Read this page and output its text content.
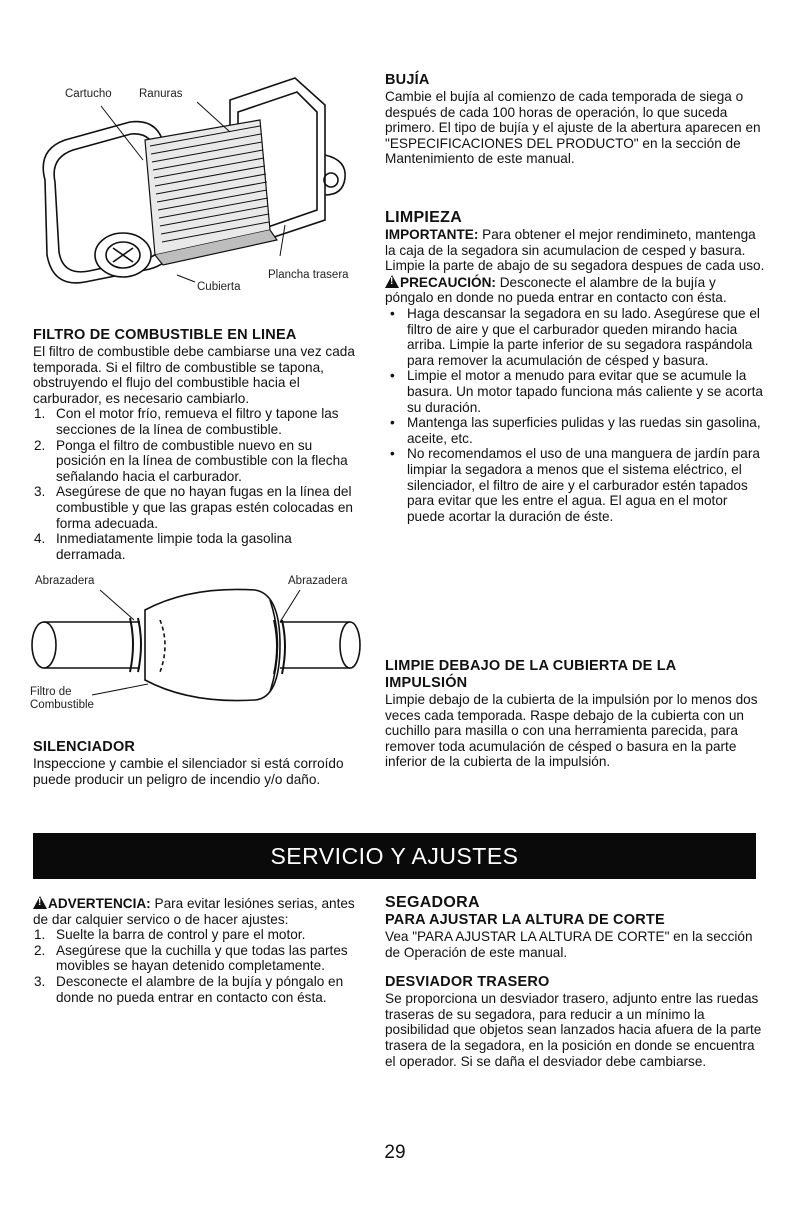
Cartucho Ranuras
Plancha trasera
Cubierta
FILTRO DE COMBUSTIBLE EN LINEA

El filtro de combustible debe cambiarse una vez cada temporada. Si el filtro de combustible se tapona, obstruyendo el flujo del combustible hacia el carburador, es necesario cambiarlo.

1. Con el motor frío, remueva el filtro y tapone las secciones de la línea de combustible.
2. Ponga el filtro de combustible nuevo en su posición en la línea de combustible con la flecha señalando hacia el carburador.
3. Asegúrese de que no hayan fugas en la línea del combustible y que las grapas estén colocadas en forma adecuada.
4. Inmediatamente limpie toda la gasolina derramada.
Abrazadera	Abrazadera
Filtro de
Combustible
SILENCIADOR

Inspeccione y cambie el silenciador si está corroído puede producir un peligro de incendio y/o daño.

BUJÍA

Cambie el bujía al comienzo de cada temporada de siega o después de cada 100 horas de operación, lo que suceda primero. El tipo de bujía y el ajuste de la abertura aparecen en "ESPECIFICACIONES DEL PRODUCTO" en la sección de Mantenimiento de este manual.

LIMPIEZA

IMPORTANTE: Para obtener el mejor rendimineto, mantenga la caja de la segadora sin acumulacion de cesped y basura. Limpie la parte de abajo de su segadora despues de cada uso.

!PRECAUCIÓN: Desconecte el alambre de la bujía y póngalo en donde no pueda entrar en contacto con ésta.

• Haga descansar la segadora en su lado. Asegúrese que el filtro de aire y que el carburador queden mirando hacia arriba. Limpie la parte inferior de su segadora raspándola para remover la acumulación de césped y basura.
• Limpie el motor a menudo para evitar que se acumule la basura. Un motor tapado funciona más caliente y se acorta su duración.
• Mantenga las superficies pulidas y las ruedas sin gasolina, aceite, etc.
• No recomendamos el uso de una manguera de jardín para limpiar la segadora a menos que el sistema eléctrico, el silenciador, el filtro de aire y el carburador estén tapados para evitar que les entre el agua. El agua en el motor puede acortar la duración de éste.
LIMPIE DEBAJO DE LA CUBIERTA DE LA
IMPULSIÓN

Limpie debajo de la cubierta de la impulsión por lo menos dos veces cada temporada. Raspe debajo de la cubierta con un cuchillo para masilla o con una herramienta parecida, para remover toda acumulación de césped o basura en la parte inferior de la cubierta de la impulsión.

SERVICIO Y AJUSTES

!ADVERTENCIA: Para evitar lesiónes serias, antes de dar calquier servico o de hacer ajustes:

1. Suelte la barra de control y pare el motor.
2. Asegúrese que la cuchilla y que todas las partes movibles se hayan detenido completamente.
3. Desconecte el alambre de la bujía y póngalo en donde no pueda entrar en contacto con ésta.
SEGADORA
PARA AJUSTAR LA ALTURA DE CORTE

Vea "PARA AJUSTAR LA ALTURA DE CORTE" en la sección de Operación de este manual.

DESVIADOR TRASERO

Se proporciona un desviador trasero, adjunto entre las ruedas traseras de su segadora, para reducir a un mínimo la posibilidad que objetos sean lanzados hacia afuera de la parte trasera de la segadora, en la posición en donde se encuentra el operador. Si se daña el desviador debe cambiarse.

29
